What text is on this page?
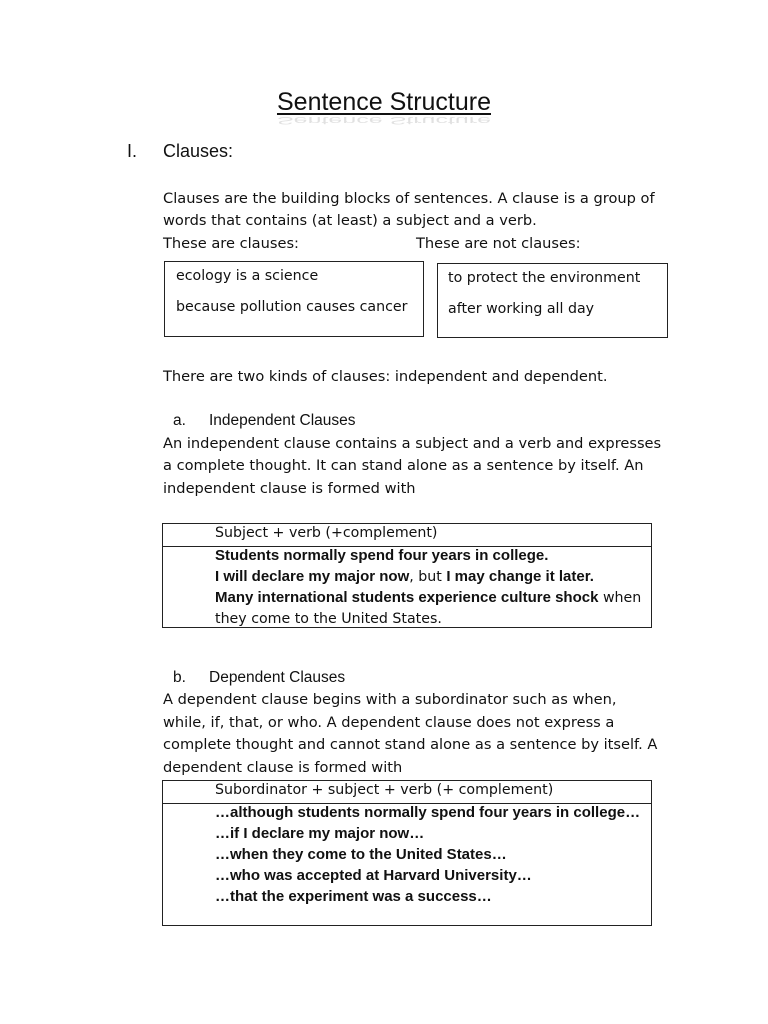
Sentence Structure
Sentence Structure
I. Clauses:
Clauses are the building blocks of sentences. A clause is a group of
words that contains (at least) a subject and a verb.
These are clauses:	These are not clauses:
ecology is a science
because pollution causes cancer
to protect the environment
after working all day
There are two kinds of clauses: independent and dependent.
a. Independent Clauses
An independent clause contains a subject and a verb and expresses
a complete thought. It can stand alone as a sentence by itself. An
independent clause is formed with
Subject + verb (+complement)
Students normally spend four years in college.
I will declare my major now, but I may change it later.
Many international students experience culture shock when
they come to the United States.
b. Dependent Clauses
A dependent clause begins with a subordinator such as when,
while, if, that, or who. A dependent clause does not express a
complete thought and cannot stand alone as a sentence by itself. A
dependent clause is formed with
Subordinator + subject + verb (+ complement)
…although students normally spend four years in college…
…if I declare my major now…
…when they come to the United States…
…who was accepted at Harvard University…
…that the experiment was a success…
